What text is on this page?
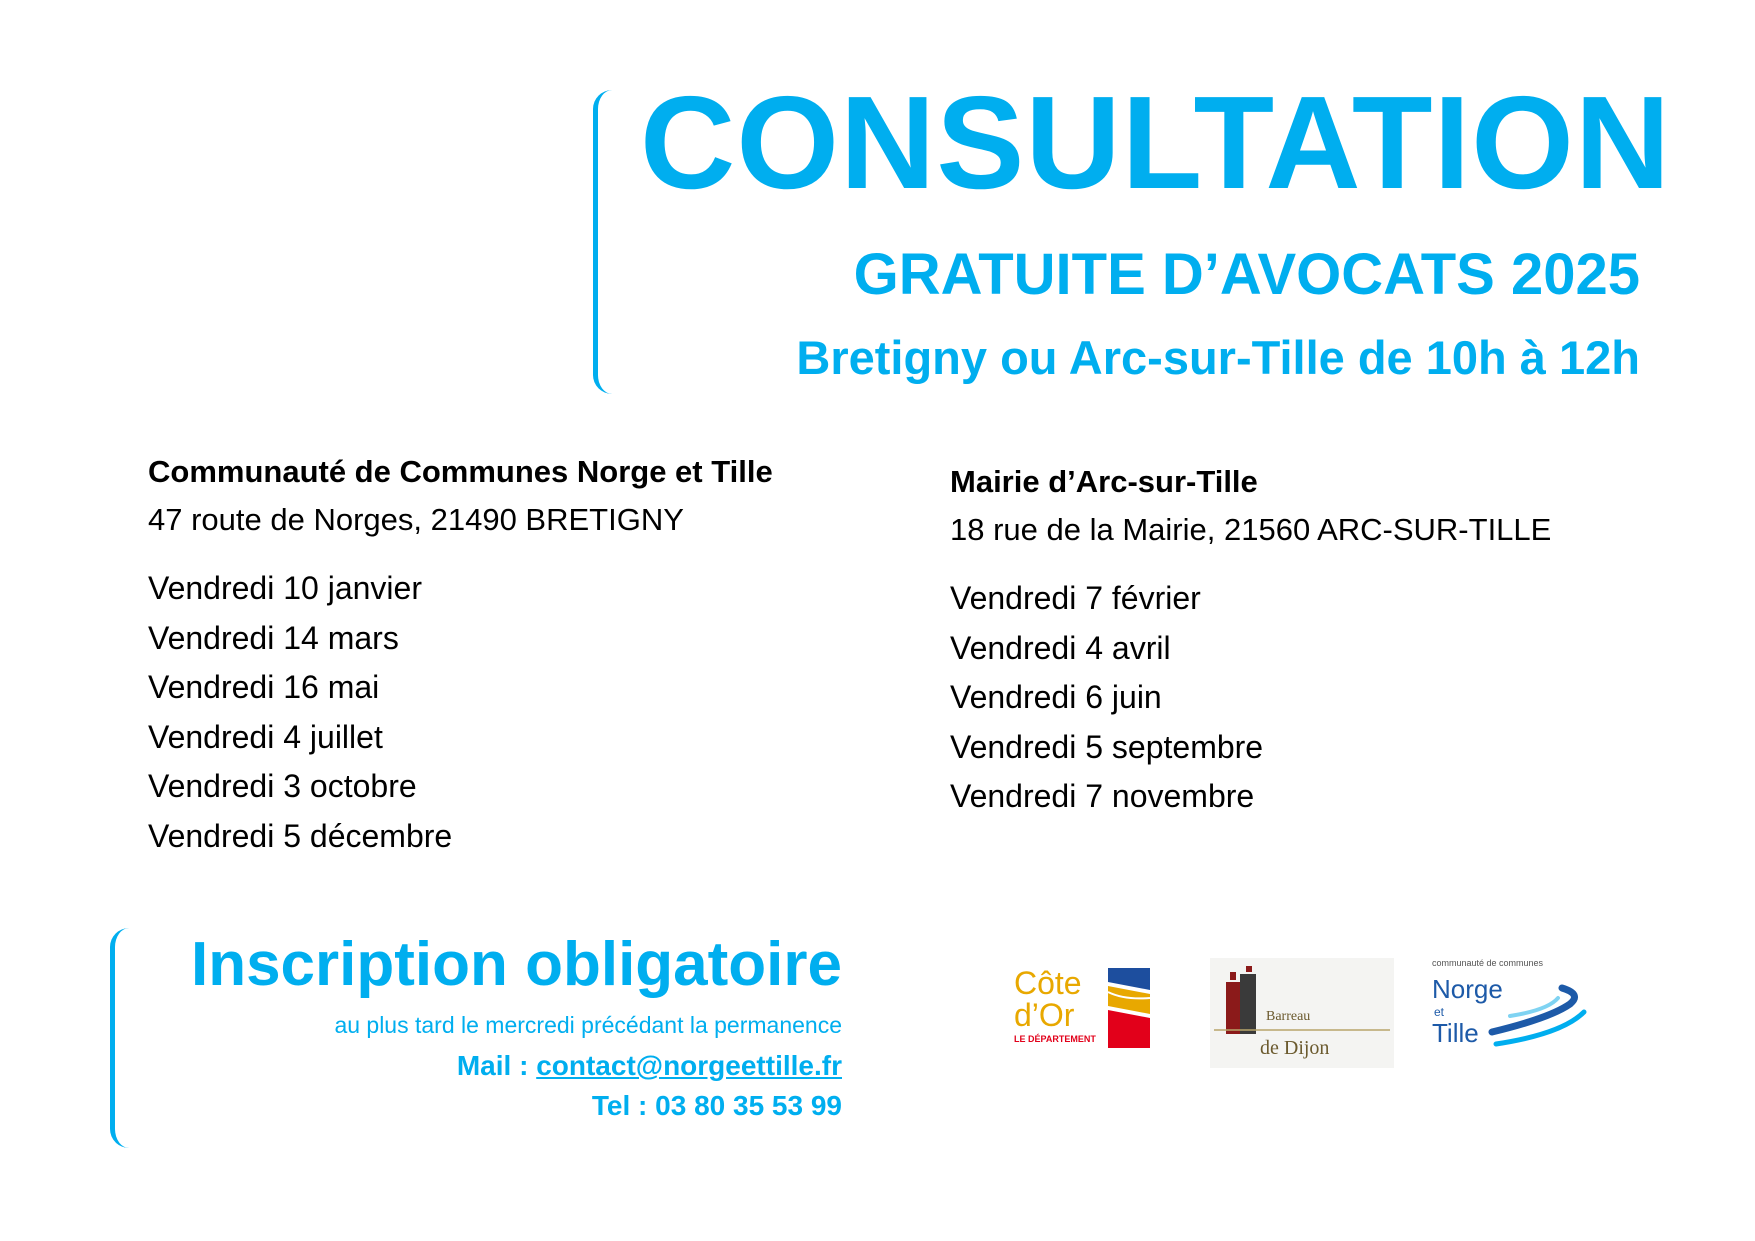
CONSULTATION
GRATUITE D’AVOCATS 2025
Bretigny ou Arc-sur-Tille de 10h à 12h
Communauté de Communes Norge et Tille
47 route de Norges, 21490 BRETIGNY
Vendredi 10 janvier
Vendredi 14 mars
Vendredi 16 mai
Vendredi 4 juillet
Vendredi 3 octobre
Vendredi 5 décembre
Mairie d’Arc-sur-Tille
18 rue de la Mairie, 21560 ARC-SUR-TILLE
Vendredi 7 février
Vendredi 4 avril
Vendredi 6 juin
Vendredi 5 septembre
Vendredi 7 novembre
Inscription obligatoire
au plus tard le mercredi précédant la permanence
Mail : contact@norgeettille.fr
Tel : 03 80 35 53 99
Côte
d’Or
LE DÉPARTEMENT
Barreau
de Dijon
communauté de communes
Norge
et
Tille
